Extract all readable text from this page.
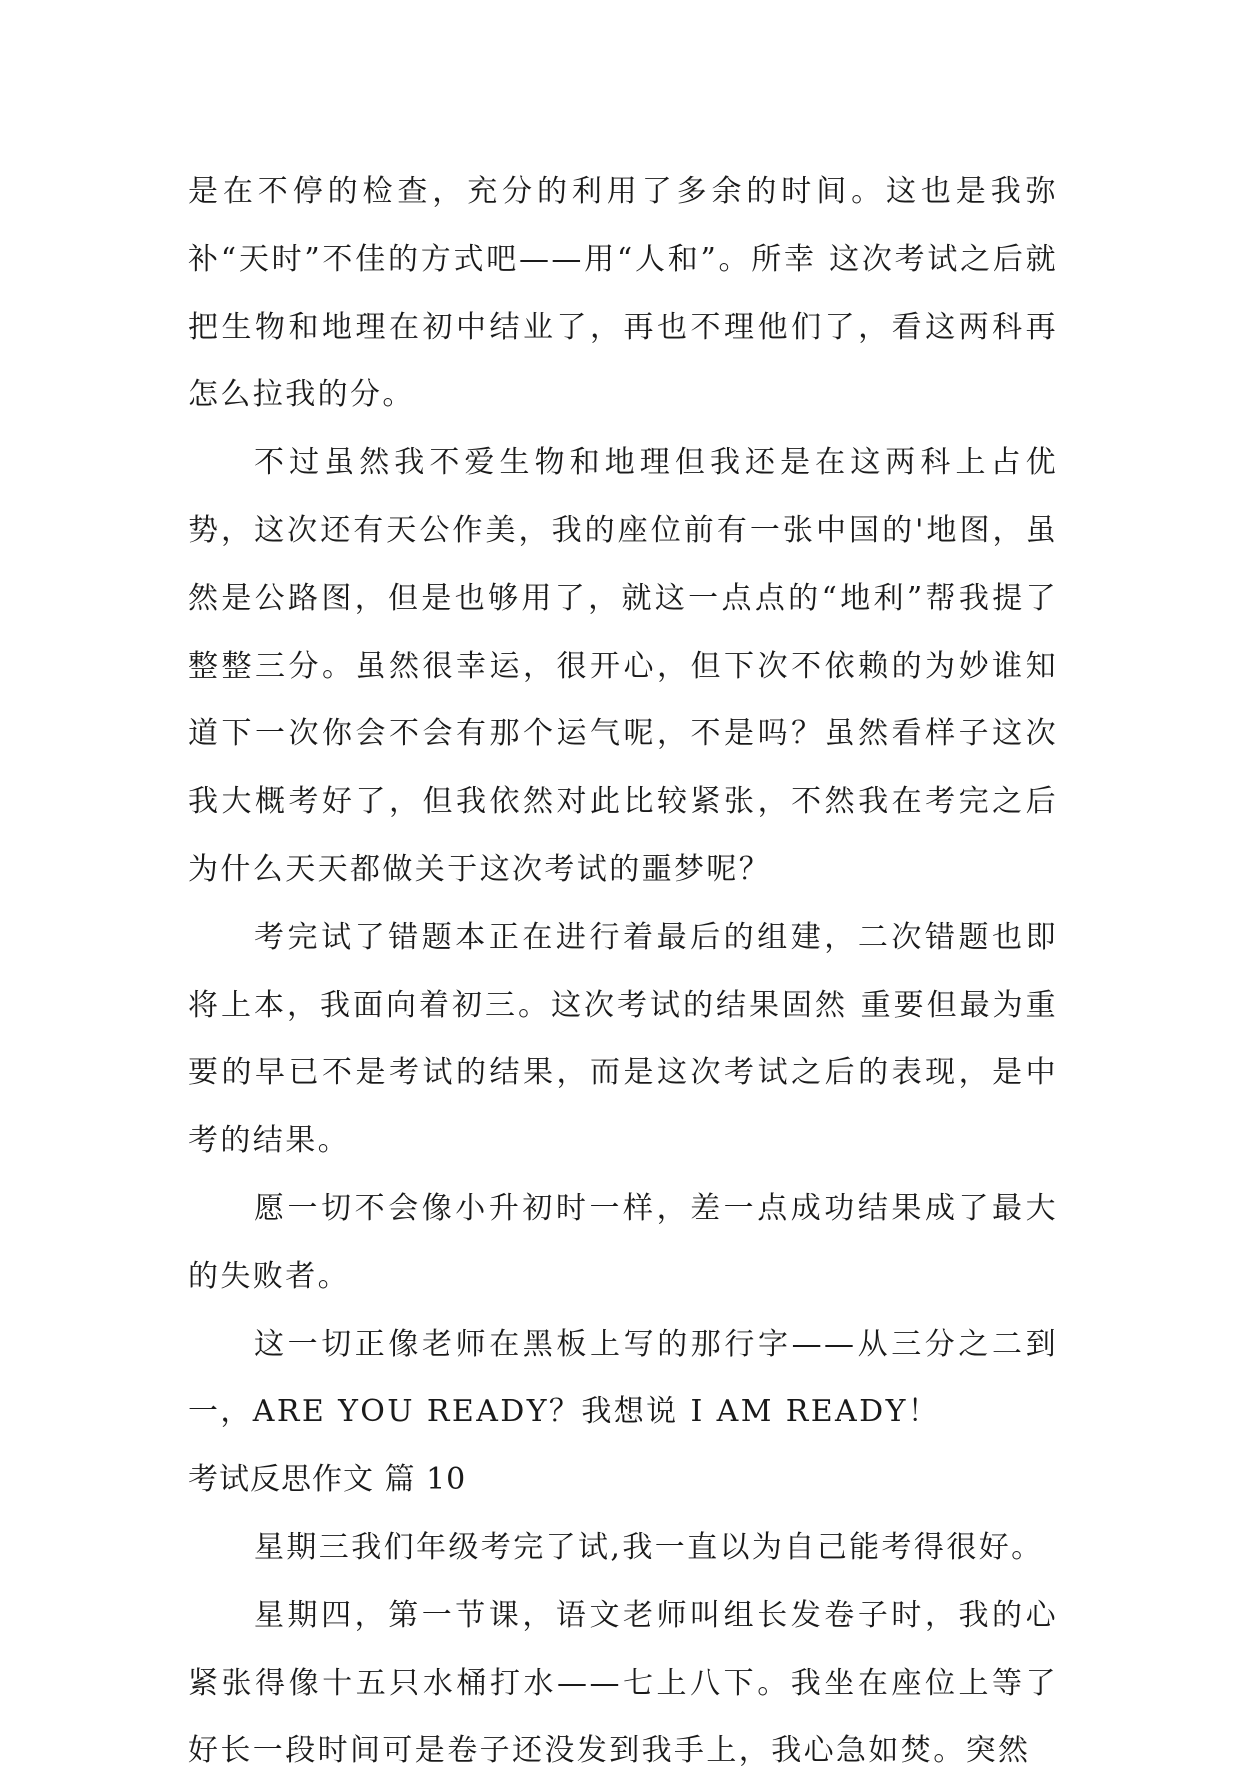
是在不停的检查，充分的利用了多余的时间。这也是我弥补“天时”不佳的方式吧——用“人和”。所幸 这次考试之后就把生物和地理在初中结业了，再也不理他们了，看这两科再怎么拉我的分。

不过虽然我不爱生物和地理但我还是在这两科上占优势，这次还有天公作美，我的座位前有一张中国的'地图，虽然是公路图，但是也够用了，就这一点点的“地利”帮我提了整整三分。虽然很幸运，很开心，但下次不依赖的为妙谁知道下一次你会不会有那个运气呢，不是吗？虽然看样子这次我大概考好了，但我依然对此比较紧张，不然我在考完之后为什么天天都做关于这次考试的噩梦呢？

考完试了错题本正在进行着最后的组建，二次错题也即将上本，我面向着初三。这次考试的结果固然 重要但最为重要的早已不是考试的结果，而是这次考试之后的表现，是中考的结果。

愿一切不会像小升初时一样，差一点成功结果成了最大的失败者。

这一切正像老师在黑板上写的那行字——从三分之二到一，ARE YOU READY？我想说 I AM READY！

考试反思作文 篇 10

星期三我们年级考完了试,我一直以为自己能考得很好。

星期四，第一节课，语文老师叫组长发卷子时，我的心紧张得像十五只水桶打水——七上八下。我坐在座位上等了好长一段时间可是卷子还没发到我手上，我心急如焚。突然
